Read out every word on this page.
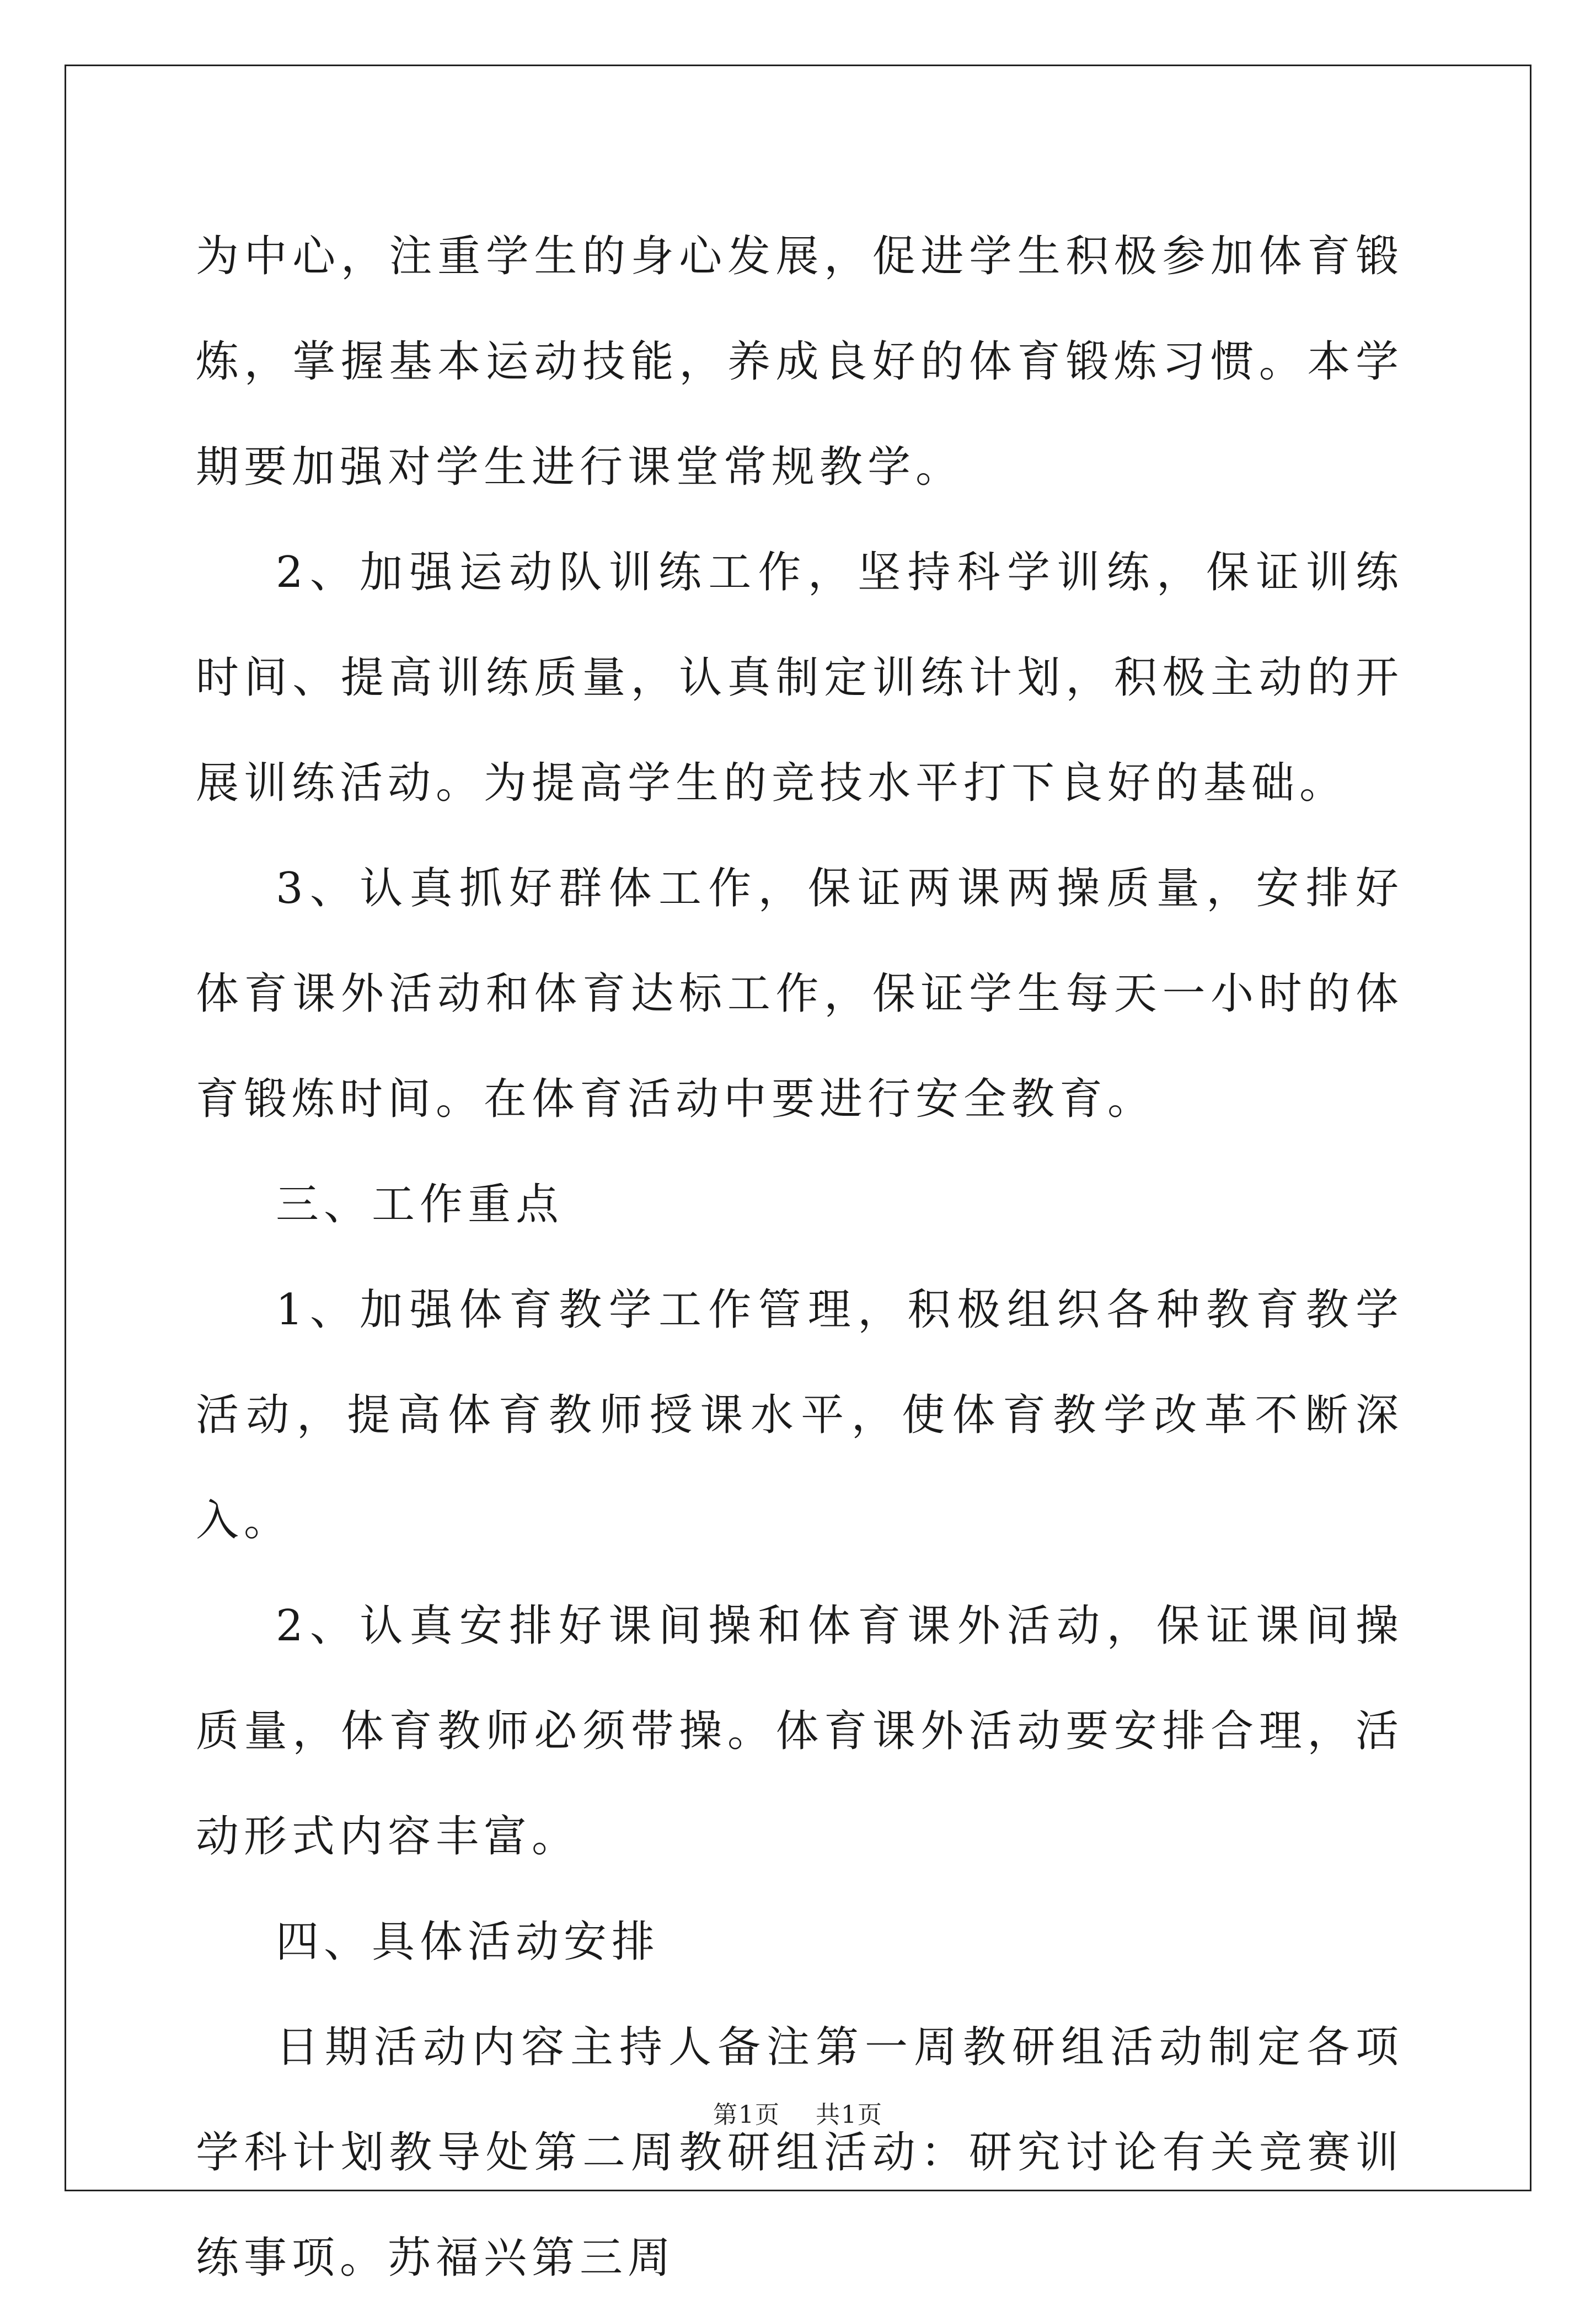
为中心，注重学生的身心发展，促进学生积极参加体育锻炼，掌握基本运动技能，养成良好的体育锻炼习惯。本学期要加强对学生进行课堂常规教学。

2、加强运动队训练工作，坚持科学训练，保证训练时间、提高训练质量，认真制定训练计划，积极主动的开展训练活动。为提高学生的竞技水平打下良好的基础。

3、认真抓好群体工作，保证两课两操质量，安排好体育课外活动和体育达标工作，保证学生每天一小时的体育锻炼时间。在体育活动中要进行安全教育。

三、工作重点

1、加强体育教学工作管理，积极组织各种教育教学活动，提高体育教师授课水平，使体育教学改革不断深入。

2、认真安排好课间操和体育课外活动，保证课间操质量，体育教师必须带操。体育课外活动要安排合理，活动形式内容丰富。

四、具体活动安排

日期活动内容主持人备注第一周教研组活动制定各项学科计划教导处第二周教研组活动：研究讨论有关竞赛训练事项。苏福兴第三周

第1页 共1页
